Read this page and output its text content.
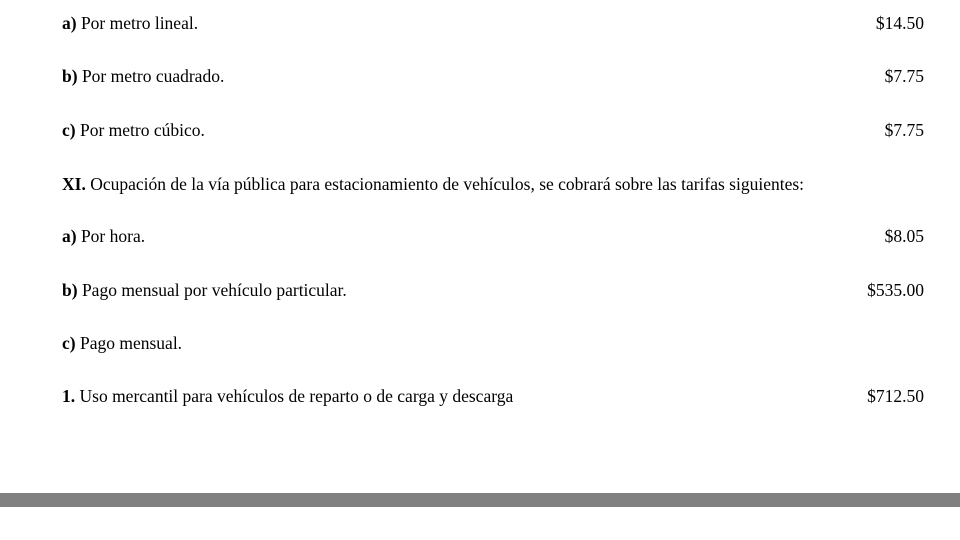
a) Por metro lineal.	$14.50
b) Por metro cuadrado.	$7.75
c) Por metro cúbico.	$7.75
XI. Ocupación de la vía pública para estacionamiento de vehículos, se cobrará sobre las tarifas siguientes:
a) Por hora.	$8.05
b) Pago mensual por vehículo particular.	$535.00
c) Pago mensual.
1. Uso mercantil para vehículos de reparto o de carga y descarga	$712.50
